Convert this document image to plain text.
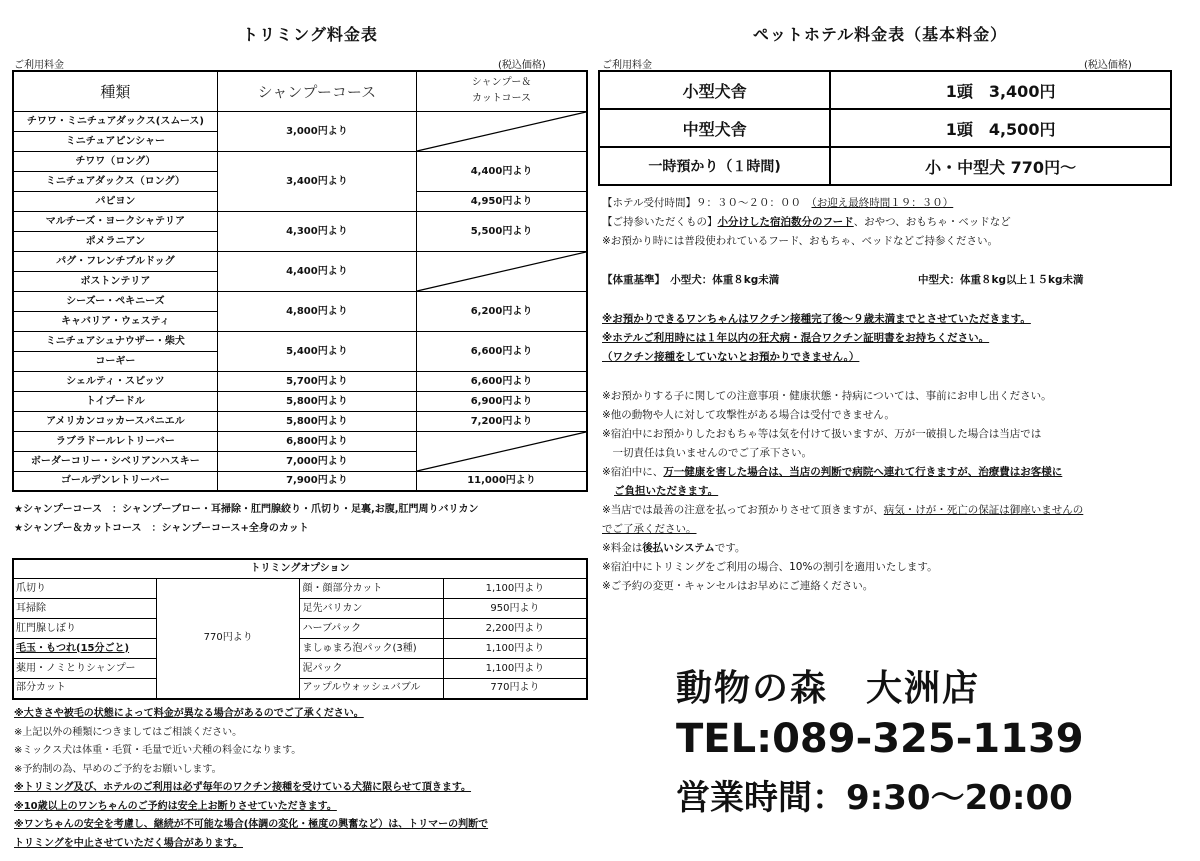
トリミング料金表
ご利用料金	(税込価格)
種類	シャンプーコース	シャンプー＆
カットコース
チワワ・ミニチュアダックス(スムース)	3,000円より	

ミニチュアピンシャー		
チワワ（ロング）	3,400円より	4,400円より
ミニチュアダックス（ロング）		
パピヨン		4,950円より
マルチーズ・ヨークシャテリア	4,300円より	5,500円より
ポメラニアン		
パグ・フレンチブルドッグ	4,400円より	

ボストンテリア		
シーズー・ペキニーズ	4,800円より	6,200円より
キャバリア・ウェスティ		
ミニチュアシュナウザー・柴犬	5,400円より	6,600円より
コーギー		
シェルティ・スピッツ	5,700円より	6,600円より
トイプードル	5,800円より	6,900円より
アメリカンコッカースパニエル	5,800円より	7,200円より
ラブラドールレトリーバー	6,800円より	

ボーダーコリー・シベリアンハスキー	7,000円より	
ゴールデンレトリーバー	7,900円より	11,000円より
★シャンプーコース　：シャンプーブロー・耳掃除・肛門腺絞り・爪切り・足裏,お腹,肛門周りバリカン
★シャンプー＆カットコース　：シャンプーコース+全身のカット
トリミングオプション			
爪切り	770円より	顔・顔部分カット	1,100円より
耳掃除		足先バリカン	950円より
肛門腺しぼり		ハーブパック	2,200円より
毛玉・もつれ(15分ごと)		ましゅまろ泡パック(3種)	1,100円より
薬用・ノミとりシャンプー		泥パック	1,100円より
部分カット		アップルウォッシュバブル	770円より
※大きさや被毛の状態によって料金が異なる場合があるのでご了承ください。
※上記以外の種類につきましてはご相談ください。
※ミックス犬は体重・毛質・毛量で近い犬種の料金になります。
※予約制の為、早めのご予約をお願いします。
※トリミング及び、ホテルのご利用は必ず毎年のワクチン接種を受けている犬猫に限らせて頂きます。
※10歳以上のワンちゃんのご予約は安全上お断りさせていただきます。
※ワンちゃんの安全を考慮し、継続が不可能な場合(体調の変化・極度の興奮など）は、トリマーの判断で
トリミングを中止させていただく場合があります。
ペットホテル料金表（基本料金）
ご利用料金	(税込価格)
小型犬舎	1頭　3,400円
中型犬舎	1頭　4,500円
一時預かり（１時間)	小・中型犬 770円～
【ホテル受付時間】９：３０～２０：００　 （お迎え最終時間１９：３０）
【ご持参いただくもの】小分けした宿泊数分のフード、おやつ、おもちゃ・ベッドなど
※お預かり時には普段使われているフード、おもちゃ、ベッドなどご持参ください。
【体重基準】　小型犬：体重８kg未満	中型犬：体重８kg以上１５kg未満
※お預かりできるワンちゃんはワクチン接種完了後～９歳未満までとさせていただきます。
※ホテルご利用時には１年以内の狂犬病・混合ワクチン証明書をお持ちください。
（ワクチン接種をしていないとお預かりできません。）
※お預かりする子に関しての注意事項・健康状態・持病については、事前にお申し出ください。
※他の動物や人に対して攻撃性がある場合は受付できません。
※宿泊中にお預かりしたおもちゃ等は気を付けて扱いますが、万が一破損した場合は当店では
　一切責任は負いませんのでご了承下さい。
※宿泊中に、万一健康を害した場合は、当店の判断で病院へ連れて行きますが、治療費はお客様に
ご負担いただきます。
※当店では最善の注意を払ってお預かりさせて頂きますが、病気・けが・死亡の保証は御座いませんの
でご了承ください。
※料金は後払いシステムです。
※宿泊中にトリミングをご利用の場合、10%の割引を適用いたします。
※ご予約の変更・キャンセルはお早めにご連絡ください。
動物の森　大洲店
TEL:089-325-1139
営業時間：9:30～20:00
